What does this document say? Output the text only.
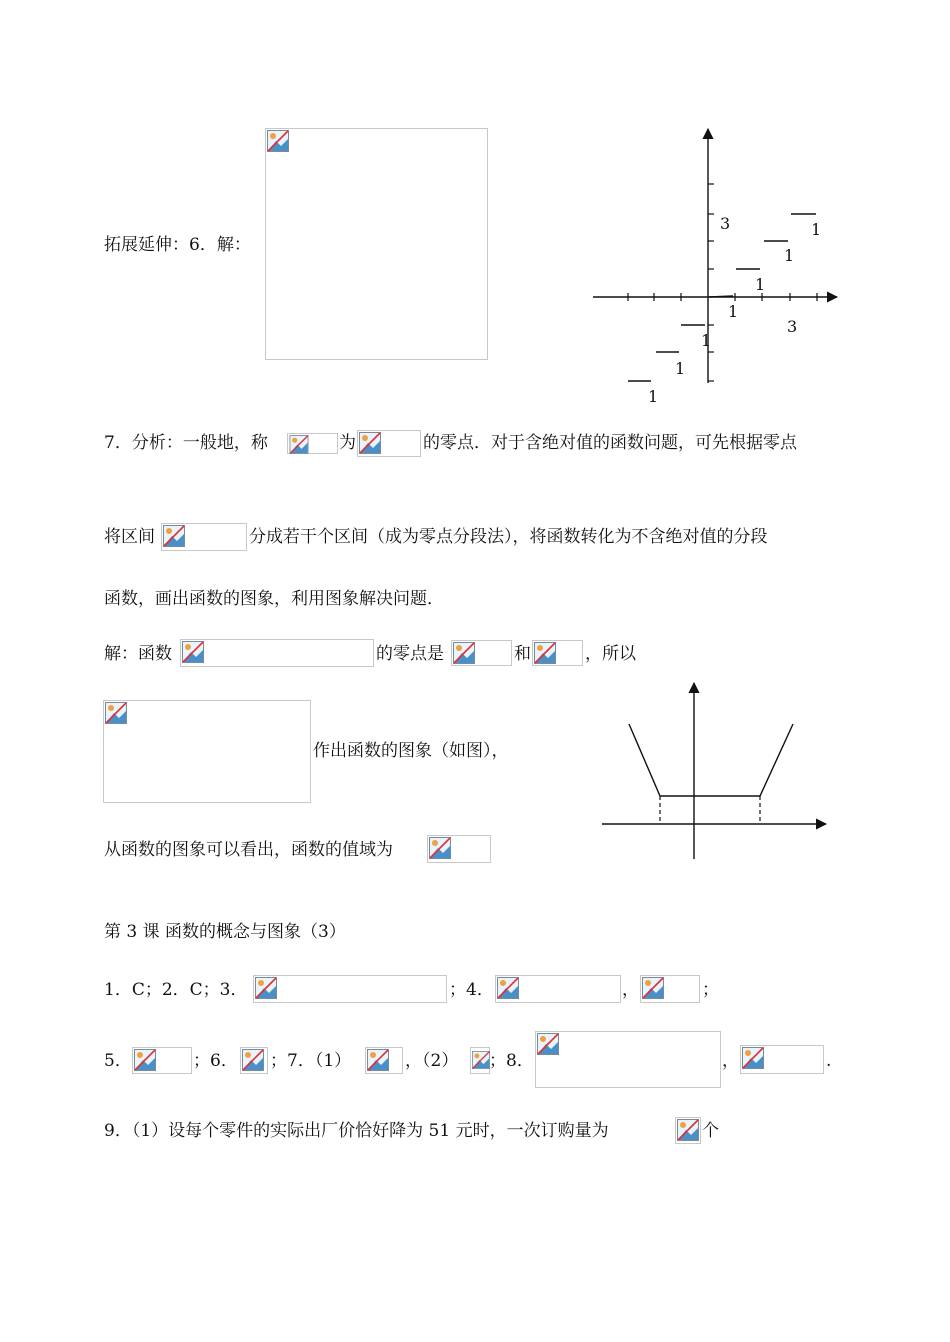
拓展延伸：6．解：
3
3
1
1
1
1
1
1
1
7．分析：一般地，称	为	的零点．对于含绝对值的函数问题，可先根据零点
将区间	分成若干个区间（成为零点分段法），将函数转化为不含绝对值的分段
函数，画出函数的图象，利用图象解决问题．
解：函数	的零点是	和	，所以
作出函数的图象（如图），
从函数的图象可以看出，函数的值域为
第 3 课 函数的概念与图象（3）
1．C；2．C；3．	；4．	，	；
5．	；6． ；7．（1）	，（2） ；8．	，	.
9．（1）设每个零件的实际出厂价恰好降为 51 元时，一次订购量为	个
